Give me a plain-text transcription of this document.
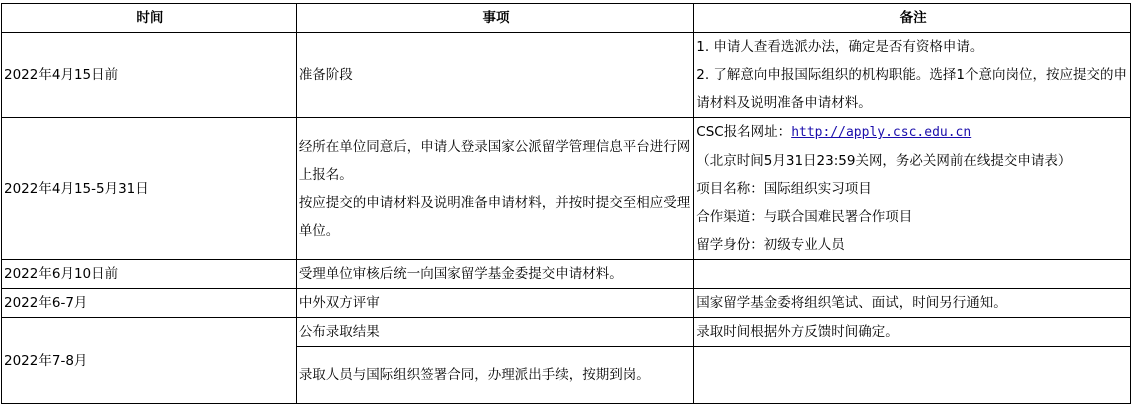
时间	事项	备注
2022年4月15日前	准备阶段	1. 申请人查看选派办法，确定是否有资格申请。
2. 了解意向申报国际组织的机构职能。选择1个意向岗位，按应提交的申请材料及说明准备申请材料。

2022年4月15-5月31日	经所在单位同意后，申请人登录国家公派留学管理信息平台进行网上报名。
按应提交的申请材料及说明准备申请材料，并按时提交至相应受理单位。	CSC报名网址：http://apply.csc.edu.cn
（北京时间5月31日23:59关网，务必关网前在线提交申请表）
项目名称：国际组织实习项目
合作渠道：与联合国难民署合作项目
留学身份：初级专业人员

2022年6月10日前	受理单位审核后统一向国家留学基金委提交申请材料。	
2022年6-7月	中外双方评审	国家留学基金委将组织笔试、面试，时间另行通知。
2022年7-8月	公布录取结果	录取时间根据外方反馈时间确定。
	录取人员与国际组织签署合同，办理派出手续，按期到岗。	
